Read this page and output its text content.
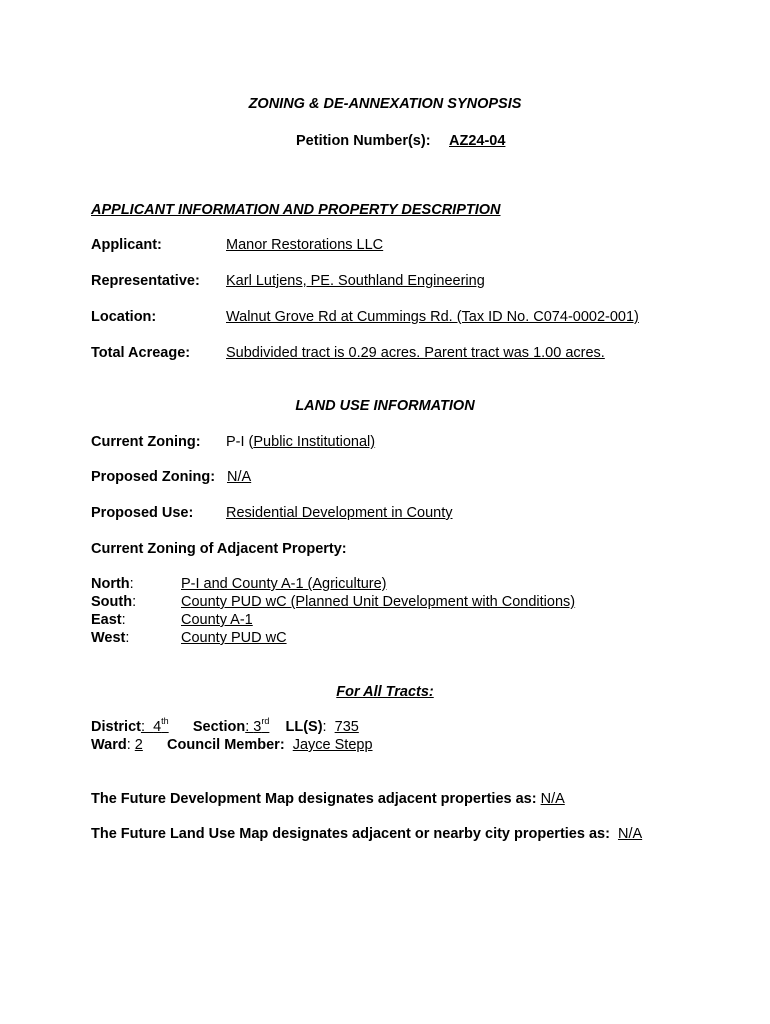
ZONING & DE-ANNEXATION SYNOPSIS
Petition Number(s): AZ24-04
APPLICANT INFORMATION AND PROPERTY DESCRIPTION
Applicant:	Manor Restorations LLC
Representative: Karl Lutjens, PE. Southland Engineering
Location:	Walnut Grove Rd at Cummings Rd. (Tax ID No. C074-0002-001)
Total Acreage: Subdivided tract is 0.29 acres. Parent tract was 1.00 acres.
LAND USE INFORMATION
Current Zoning: P-I (Public Institutional)
Proposed Zoning: N/A
Proposed Use: Residential Development in County
Current Zoning of Adjacent Property:
North:	P-I and County A-1 (Agriculture)
South:	County PUD wC (Planned Unit Development with Conditions)
East:	County A-1
West:	County PUD wC
For All Tracts:
District:  4th Section: 3rd LL(S):  735
Ward: 2 Council Member: Jayce Stepp
The Future Development Map designates adjacent properties as: N/A
The Future Land Use Map designates adjacent or nearby city properties as: N/A
